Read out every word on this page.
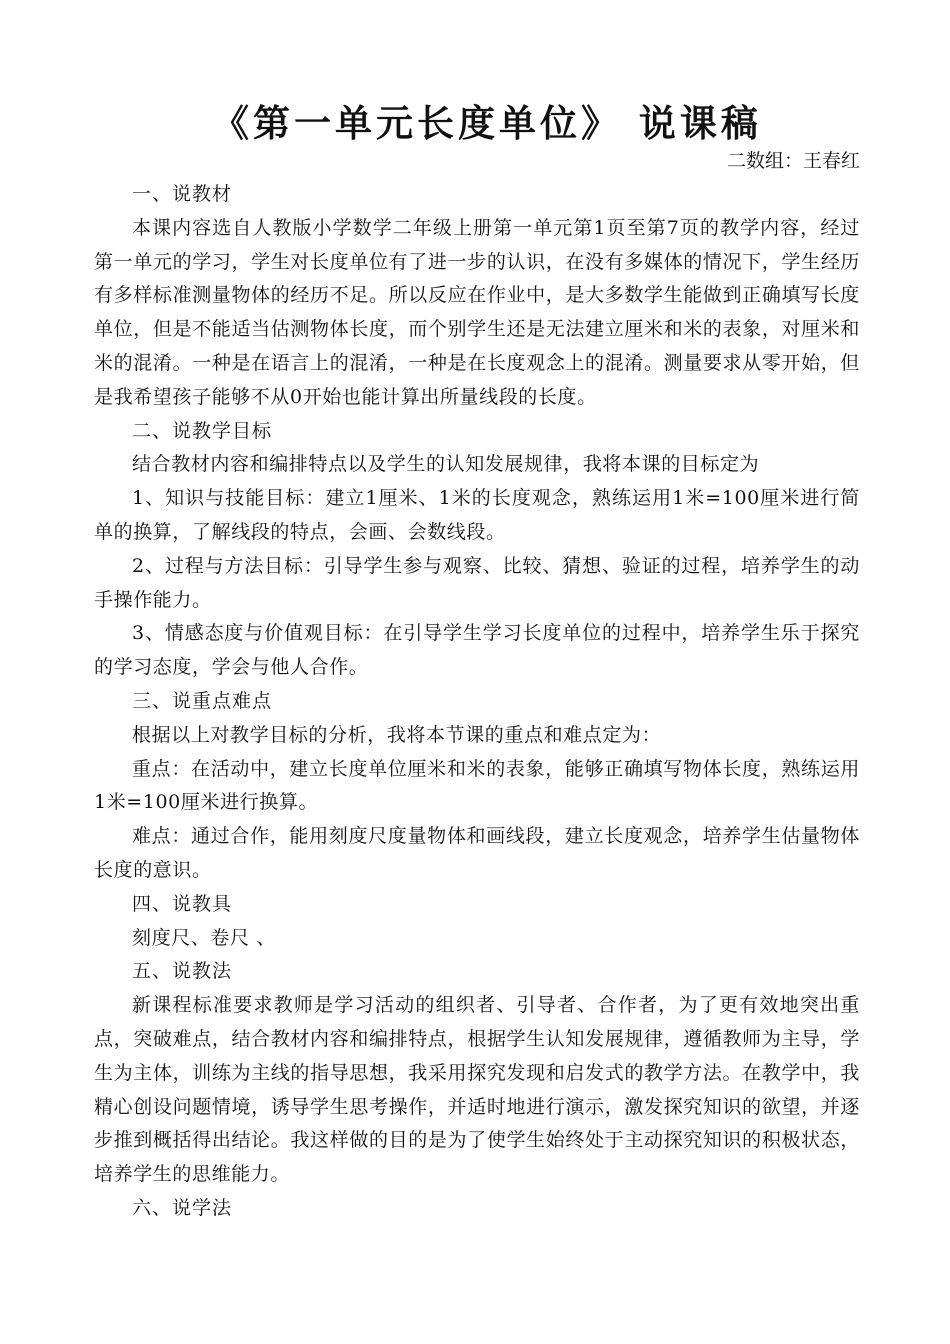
《第一单元长度单位》 说课稿

二数组：王春红

一、说教材

本课内容选自人教版小学数学二年级上册第一单元第1页至第7页的教学内容，经过第一单元的学习，学生对长度单位有了进一步的认识，在没有多媒体的情况下，学生经历有多样标准测量物体的经历不足。所以反应在作业中，是大多数学生能做到正确填写长度单位，但是不能适当估测物体长度，而个别学生还是无法建立厘米和米的表象，对厘米和米的混淆。一种是在语言上的混淆，一种是在长度观念上的混淆。测量要求从零开始，但是我希望孩子能够不从0开始也能计算出所量线段的长度。

二、说教学目标

结合教材内容和编排特点以及学生的认知发展规律，我将本课的目标定为

1、知识与技能目标：建立1厘米、1米的长度观念，熟练运用1米=100厘米进行简单的换算，了解线段的特点，会画、会数线段。

2、过程与方法目标：引导学生参与观察、比较、猜想、验证的过程，培养学生的动手操作能力。

3、情感态度与价值观目标：在引导学生学习长度单位的过程中，培养学生乐于探究的学习态度，学会与他人合作。

三、说重点难点

根据以上对教学目标的分析，我将本节课的重点和难点定为：

重点：在活动中，建立长度单位厘米和米的表象，能够正确填写物体长度，熟练运用1米=100厘米进行换算。

难点：通过合作，能用刻度尺度量物体和画线段，建立长度观念，培养学生估量物体长度的意识。

四、说教具

刻度尺、卷尺 、

五、说教法

新课程标准要求教师是学习活动的组织者、引导者、合作者，为了更有效地突出重点，突破难点，结合教材内容和编排特点，根据学生认知发展规律，遵循教师为主导，学生为主体，训练为主线的指导思想，我采用探究发现和启发式的教学方法。在教学中，我精心创设问题情境，诱导学生思考操作，并适时地进行演示，激发探究知识的欲望，并逐步推到概括得出结论。我这样做的目的是为了使学生始终处于主动探究知识的积极状态，培养学生的思维能力。

六、说学法
